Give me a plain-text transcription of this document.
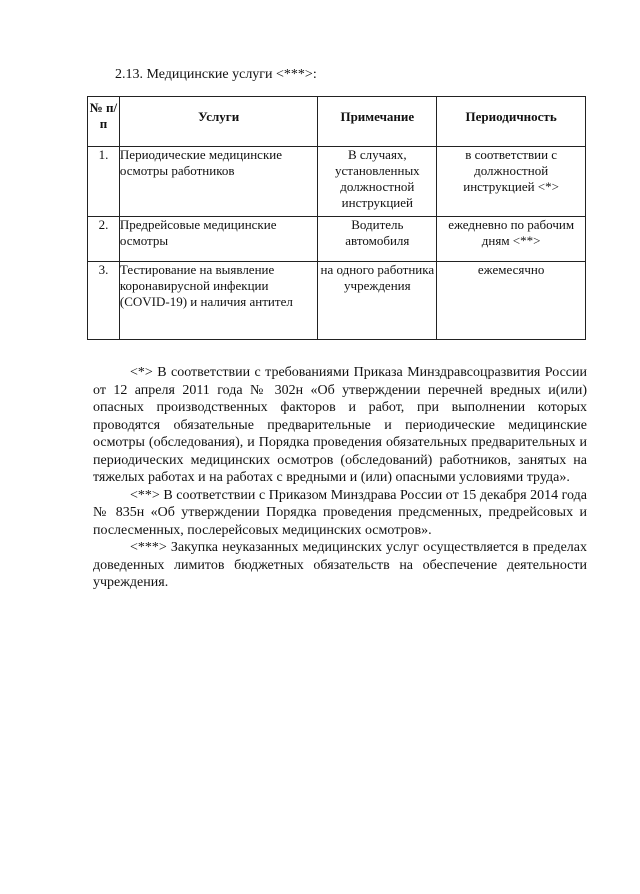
2.13. Медицинские услуги <***>:
№ п/п	Услуги	Примечание	Периодичность
1.	Периодические медицинские осмотры работников	В случаях, установленных должностной инструкцией	в соответствии с должностной инструкцией <*>
2.	Предрейсовые медицинские осмотры	Водитель автомобиля	ежедневно по рабочим дням <**>
3.	Тестирование на выявление коронавирусной инфекции (COVID-19) и наличия антител	на одного работника учреждения	ежемесячно

<*> В соответствии с требованиями Приказа Минздравсоцразвития России от 12 апреля 2011 года № 302н «Об утверждении перечней вредных и(или) опасных производственных факторов и работ, при выполнении которых проводятся обязательные предварительные и периодические медицинские осмотры (обследования), и Порядка проведения обязательных предварительных и периодических медицинских осмотров (обследований) работников, занятых на тяжелых работах и на работах с вредными и (или) опасными условиями труда».

<**> В соответствии с Приказом Минздрава России от 15 декабря 2014 года № 835н «Об утверждении Порядка проведения предсменных, предрейсовых и послесменных, послерейсовых медицинских осмотров».

<***> Закупка неуказанных медицинских услуг осуществляется в пределах доведенных лимитов бюджетных обязательств на обеспечение деятельности учреждения.
